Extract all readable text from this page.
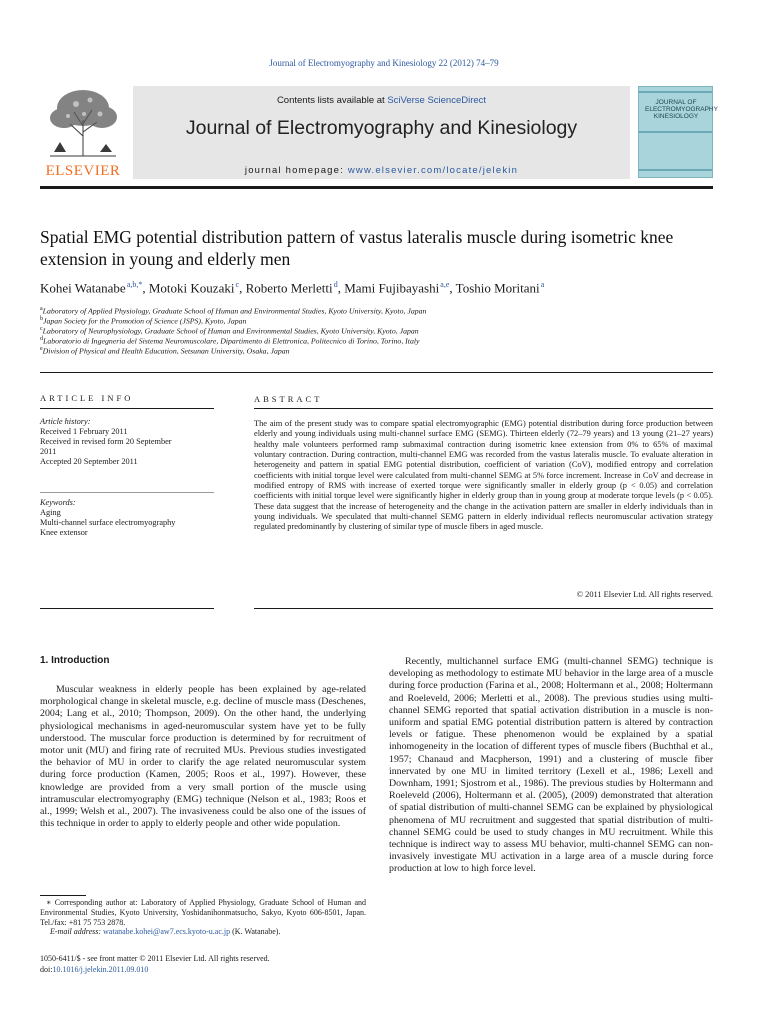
Journal of Electromyography and Kinesiology 22 (2012) 74–79
ELSEVIER
Contents lists available at SciVerse ScienceDirect
Journal of Electromyography and Kinesiology
journal homepage: www.elsevier.com/locate/jelekin
JOURNAL OF ELECTROMYOGRAPHY KINESIOLOGY
Spatial EMG potential distribution pattern of vastus lateralis muscle during isometric knee extension in young and elderly men
Kohei Watanabe $^{a,b,*}$, Motoki Kouzaki $^c$, Roberto Merletti $^d$, Mami Fujibayashi $^{a,e}$, Toshio Moritani $^a$
$^a$Laboratory of Applied Physiology, Graduate School of Human and Environmental Studies, Kyoto University, Kyoto, Japan
$^b$Japan Society for the Promotion of Science (JSPS), Kyoto, Japan
$^c$Laboratory of Neurophysiology, Graduate School of Human and Environmental Studies, Kyoto University, Kyoto, Japan
$^d$Laboratorio di Ingegneria del Sistema Neuromuscolare, Dipartimento di Elettronica, Politecnico di Torino, Torino, Italy
$^e$Division of Physical and Health Education, Setsunan University, Osaka, Japan
ARTICLE INFO
Article history:
Received 1 February 2011
Received in revised form 20 September
2011
Accepted 20 September 2011
Keywords:
Aging
Multi-channel surface electromyography
Knee extensor
ABSTRACT
The aim of the present study was to compare spatial electromyographic (EMG) potential distribution during force production between elderly and young individuals using multi-channel surface EMG (SEMG). Thirteen elderly (72–79 years) and 13 young (21–27 years) healthy male volunteers performed ramp submaximal contraction during isometric knee extension from 0% to 65% of maximal voluntary contraction. During contraction, multi-channel EMG was recorded from the vastus lateralis muscle. To evaluate alteration in heterogeneity and pattern in spatial EMG potential distribution, coefficient of variation (CoV), modified entropy and correlation coefficients with initial torque level were calculated from multi-channel SEMG at 5% force increment. Increase in CoV and decrease in modified entropy of RMS with increase of exerted torque were significantly smaller in elderly group (p < 0.05) and correlation coefficients with initial torque level were significantly higher in elderly group than in young group at moderate torque levels (p < 0.05). These data suggest that the increase of heterogeneity and the change in the activation pattern are smaller in elderly individuals than in young individuals. We speculated that multi-channel SEMG pattern in elderly individual reflects neuromuscular activation strategy regulated predominantly by clustering of similar type of muscle fibers in aged muscle.
© 2011 Elsevier Ltd. All rights reserved.
1. Introduction
Muscular weakness in elderly people has been explained by age-related morphological change in skeletal muscle, e.g. decline of muscle mass (Deschenes, 2004; Lang et al., 2010; Thompson, 2009). On the other hand, the underlying physiological mechanisms in aged-neuromuscular system have yet to be fully understood. The muscular force production is determined by for recruitment of motor unit (MU) and firing rate of recruited MUs. Previous studies investigated the behavior of MU in order to clarify the age related neuromuscular system during force production (Kamen, 2005; Roos et al., 1997). However, these knowledge are provided from a very small portion of the muscle using intramuscular electromyography (EMG) technique (Nelson et al., 1983; Roos et al., 1999; Welsh et al., 2007). The invasiveness could be also one of the issues of this technique in order to apply to elderly people and other wide population.
Recently, multichannel surface EMG (multi-channel SEMG) technique is developing as methodology to estimate MU behavior in the large area of a muscle during force production (Farina et al., 2008; Holtermann et al., 2008; Holtermann and Roeleveld, 2006; Merletti et al., 2008). The previous studies using multi-channel SEMG reported that spatial activation distribution in a muscle is non-uniform and spatial EMG potential distribution pattern is altered by contraction levels or fatigue. These phenomenon would be explained by a spatial inhomogeneity in the location of different types of muscle fibers (Buchthal et al., 1957; Chanaud and Macpherson, 1991) and a clustering of muscle fiber innervated by one MU in limited territory (Lexell et al., 1986; Lexell and Downham, 1991; Sjostrom et al., 1986). The previous studies by Holtermann and Roeleveld (2006), Holtermann et al. (2005), (2009) demonstrated that alteration of spatial distribution of multi-channel SEMG can be explained by physiological phenomena of MU recruitment and suggested that spatial distribution of multi-channel SEMG could be used to study changes in MU recruitment. While this technique is indirect way to assess MU behavior, multi-channel SEMG can non-invasively investigate MU activation in a large area of a muscle during force production at low to high force level.
∗ Corresponding author at: Laboratory of Applied Physiology, Graduate School of Human and Environmental Studies, Kyoto University, Yoshidanihonmatsucho, Sakyo, Kyoto 606-8501, Japan. Tel./fax: +81 75 753 2878.
E-mail address: watanabe.kohei@aw7.ecs.kyoto-u.ac.jp (K. Watanabe).
1050-6411/$ - see front matter © 2011 Elsevier Ltd. All rights reserved.
doi:10.1016/j.jelekin.2011.09.010
